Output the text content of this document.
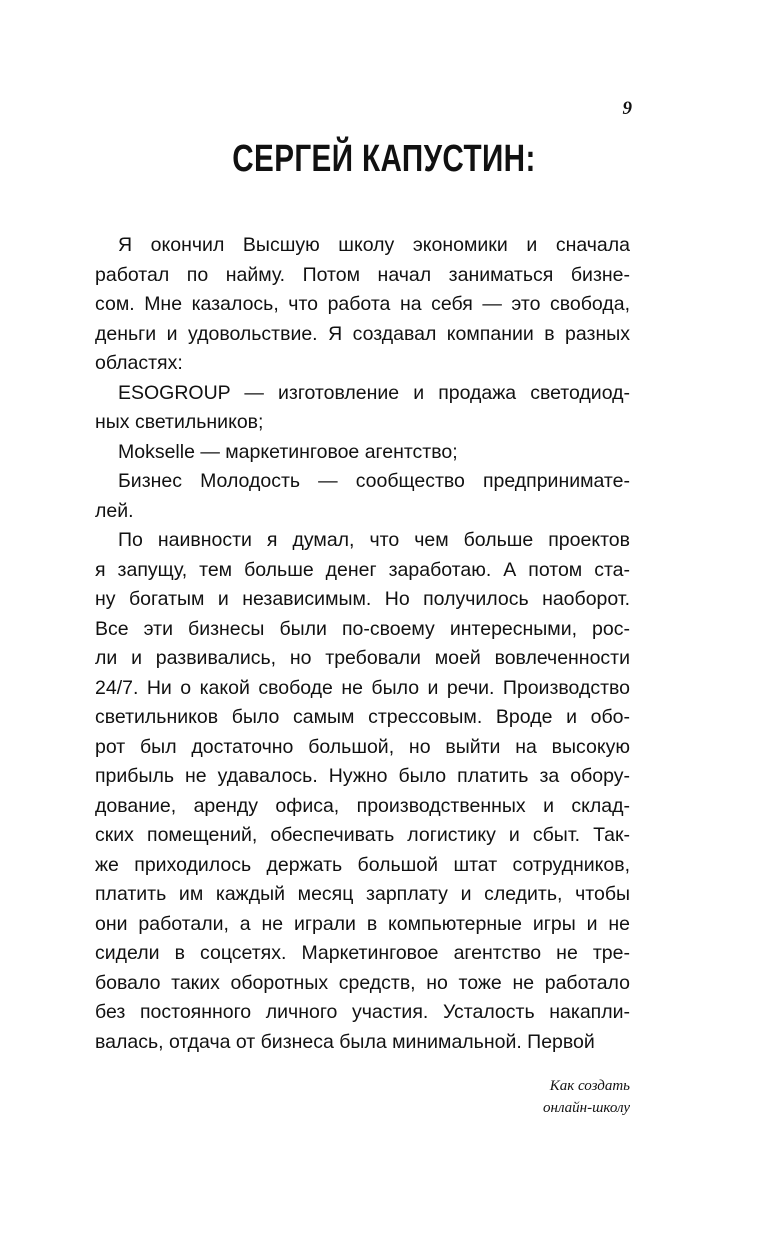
9
СЕРГЕЙ КАПУСТИН:
Я окончил Высшую школу экономики и сначала
работал по найму. Потом начал заниматься бизне-
сом. Мне казалось, что работа на себя — это свобода,
деньги и удовольствие. Я создавал компании в разных
областях:
ESOGROUP — изготовление и продажа светодиод-
ных светильников;
Mokselle — маркетинговое агентство;
Бизнес Молодость — сообщество предпринимате-
лей.
По наивности я думал, что чем больше проектов
я запущу, тем больше денег заработаю. А потом ста-
ну богатым и независимым. Но получилось наоборот.
Все эти бизнесы были по-своему интересными, рос-
ли и развивались, но требовали моей вовлеченности
24/7. Ни о какой свободе не было и речи. Производство
светильников было самым стрессовым. Вроде и обо-
рот был достаточно большой, но выйти на высокую
прибыль не удавалось. Нужно было платить за обору-
дование, аренду офиса, производственных и склад-
ских помещений, обеспечивать логистику и сбыт. Так-
же приходилось держать большой штат сотрудников,
платить им каждый месяц зарплату и следить, чтобы
они работали, а не играли в компьютерные игры и не
сидели в соцсетях. Маркетинговое агентство не тре-
бовало таких оборотных средств, но тоже не работало
без постоянного личного участия. Усталость накапли-
валась, отдача от бизнеса была минимальной. Первой
Как создать
онлайн-школу
